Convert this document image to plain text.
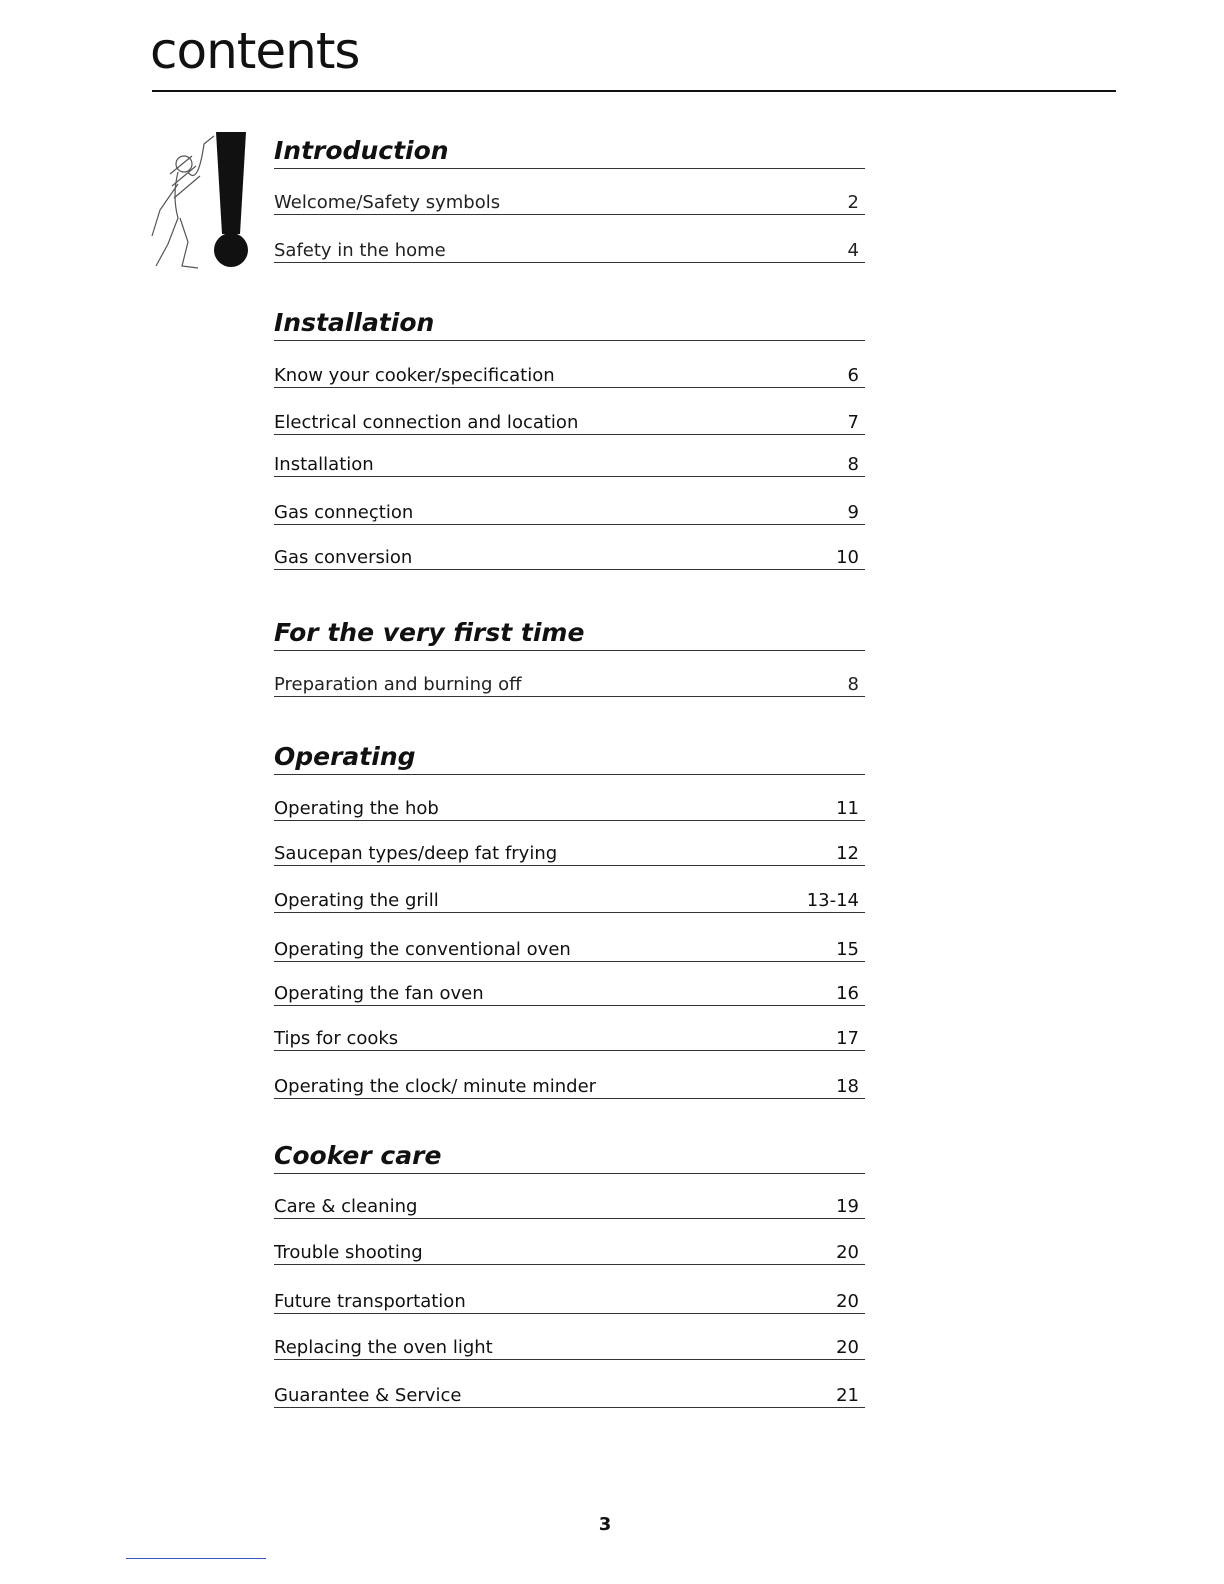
contents
Introduction
Welcome/Safety symbols	2
Safety in the home	4
Installation
Know your cooker/specification	6
Electrical connection and location	7
Installation	8
Gas conneçtion	9
Gas conversion	10
For the very first time
Preparation and burning off	8
Operating
Operating the hob	11
Saucepan types/deep fat frying	12
Operating the grill	13-14
Operating the conventional oven	15
Operating the fan oven	16
Tips for cooks	17
Operating the clock/ minute minder	18
Cooker care
Care & cleaning	19
Trouble shooting	20
Future transportation	20
Replacing the oven light	20
Guarantee & Service	21
3
